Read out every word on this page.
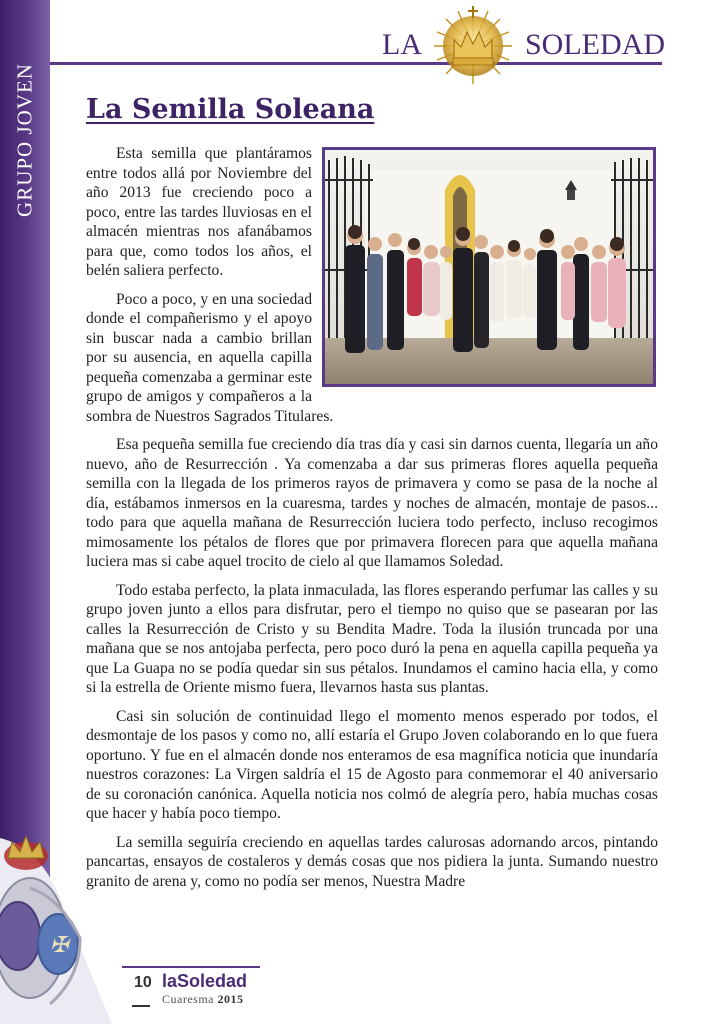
GRUPO JOVEN
LA	SOLEDAD
La Semilla Soleana

Esta semilla que plantáramos entre todos allá por Noviembre del año 2013 fue creciendo poco a poco, entre las tardes lluviosas en el almacén mientras nos afanábamos para que, como todos los años, el belén saliera perfecto.

Poco a poco, y en una sociedad donde el compañerismo y el apoyo sin buscar nada a cambio brillan por su ausencia, en aquella capilla pequeña comenzaba a germinar este grupo de amigos y compañeros a la sombra de Nuestros Sagrados Titulares.

Esa pequeña semilla fue creciendo día tras día y casi sin darnos cuenta, llegaría un año nuevo, año de Resurrección . Ya comenzaba a dar sus primeras flores aquella pequeña semilla con la llegada de los primeros rayos de primavera y como se pasa de la noche al día, estábamos inmersos en la cuaresma, tardes y noches de almacén, montaje de pasos... todo para que aquella mañana de Resurrección luciera todo perfecto, incluso recogimos mimosamente los pétalos de flores que por primavera florecen para que aquella mañana luciera mas si cabe aquel trocito de cielo al que llamamos Soledad.

Todo estaba perfecto, la plata inmaculada, las flores esperando perfumar las calles y su grupo joven junto a ellos para disfrutar, pero el tiempo no quiso que se pasearan por las calles la Resurrección de Cristo y su Bendita Madre. Toda la ilusión truncada por una mañana que se nos antojaba perfecta, pero poco duró la pena en aquella capilla pequeña ya que La Guapa no se podía quedar sin sus pétalos. Inundamos el camino hacia ella, y como si la estrella de Oriente mismo fuera, llevarnos hasta sus plantas.

Casi sin solución de continuidad llego el momento menos esperado por todos, el desmontaje de los pasos y como no, allí estaría el Grupo Joven colaborando en lo que fuera oportuno. Y fue en el almacén donde nos enteramos de esa magnífica noticia que inundaría nuestros corazones: La Virgen saldría el 15 de Agosto para conmemorar el 40 aniversario de su coronación canónica. Aquella noticia nos colmó de alegría pero, había muchas cosas que hacer y había poco tiempo.

La semilla seguiría creciendo en aquellas tardes calurosas adornando arcos, pintando pancartas, ensayos de costaleros y demás cosas que nos pidiera la junta. Sumando nuestro granito de arena y, como no podía ser menos, Nuestra Madre

✠
10 laSoledad
Cuaresma 2015
